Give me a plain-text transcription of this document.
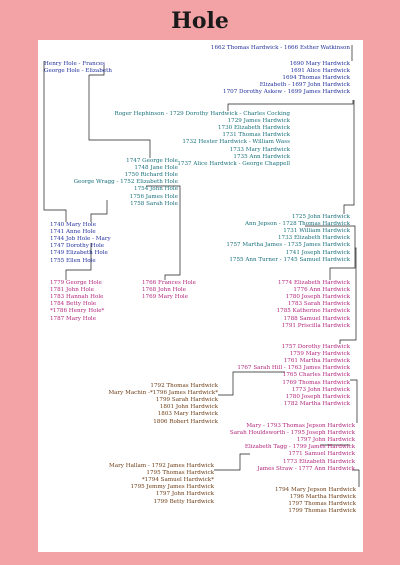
Hole
1662 Thomas Hardwick - 1666 Esther Watkinson
Henry Hole - Frances
George Hole - Elizabeth
1690 Mary Hardwick
1691 Alice Hardwick
1694 Thomas Hardwick
Elizabeth - 1697 John Hardwick
1707 Dorothy Askew - 1699 James Hardwick
Roger Hephinson - 1729 Dorothy Hardwick - Charles Cocking
1729 James Hardwick
1730 Elizabeth Hardwick
1731 Thomas Hardwick
1732 Hester Hardwick - William Wass
1733 Mary Hardwick
1735 Ann Hardwick
1737 Alice Hardwick - George Chappell
1747 George Hole
1748 Jane Hole
1750 Richard Hole
George Wragg - 1752 Elizabeth Hole
1754 John Hole
1756 James Hole
1758 Sarah Hole
1725 John Hardwick
Ann Jepson - 1728 Thomas Hardwick
1731 William Hardwick
1733 Elizabeth Hardwick
1757 Martha James - 1735 James Hardwick
1741 Joseph Hardwick
1755 Ann Turner - 1745 Samuel Hardwick
1740 Mary Hole
1741 Anne Hole
1744 Job Hole - Mary
1747 Dorothy Hole
1749 Elizabeth Hole
1755 Ellen Hole
1779 George Hole
1781 John Hole
1783 Hannah Hole
1784 Betty Hole
*1786 Henry Hole*
1787 Mary Hole
1766 Frances Hole
1768 John Hole
1769 Mary Hole
1774 Elizabeth Hardwick
1776 Ann Hardwick
1780 Joseph Hardwick
1783 Sarah Hardwick
1785 Katherine Hardwick
1788 Samuel Hardwick
1791 Priscilla Hardwick
1757 Dorothy Hardwick
1759 Mary Hardwick
1761 Martha Hardwick
1767 Sarah Hill - 1763 James Hardwick
1765 Charles Hardwick
1769 Thomas Hardwick
1773 John Hardwick
1780 Joseph Hardwick
1782 Martha Hardwick
1792 Thomas Hardwick
Mary Machin -*1796 James Hardwick*
1799 Sarah Hardwick
1801 John Hardwick
1803 Mary Hardwick
1806 Robert Hardwick
Mary - 1793 Thomas Jepson Hardwick
Sarah Houldsworth - 1795 Joseph Hardwick
1797 John Hardwick
Elizabeth Tagg - 1799 James Hardwick
1771 Samuel Hardwick
1773 Elizabeth Hardwick
James Straw - 1777 Ann Hardwick
Mary Hallam - 1792 James Hardwick
1795 Thomas Hardwick
*1794 Samuel Hardwick*
1795 Jemmy James Hardwick
1797 John Hardwick
1799 Betty Hardwick
1794 Mary Jepson Hardwick
1796 Martha Hardwick
1797 Thomas Hardwick
1799 Thomas Hardwick
